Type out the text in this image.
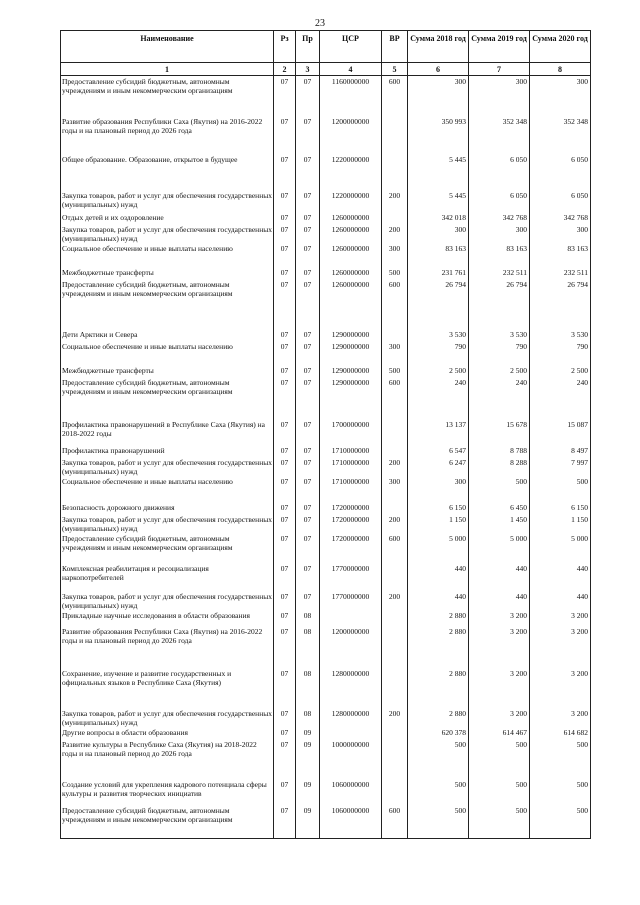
23
Наименование	Рз	Пр	ЦСР	ВР	Сумма 2018 год	Сумма 2019 год	Сумма 2020 год
1	2	3	4	5	6	7	8
Предоставление субсидий бюджетным, автономным учреждениям и иным некоммерческим организациям	07	07	1160000000	600	300	300	300
Развитие образования Республики Саха (Якутия) на 2016-2022 годы и на плановый период до 2026 года	07	07	1200000000		350 993	352 348	352 348
Общее образование. Образование, открытое в будущее	07	07	1220000000		5 445	6 050	6 050
Закупка товаров, работ и услуг для обеспечения государственных (муниципальных) нужд	07	07	1220000000	200	5 445	6 050	6 050
Отдых детей и их оздоровление	07	07	1260000000		342 018	342 768	342 768
Закупка товаров, работ и услуг для обеспечения государственных (муниципальных) нужд	07	07	1260000000	200	300	300	300
Социальное обеспечение и иные выплаты населению	07	07	1260000000	300	83 163	83 163	83 163
Межбюджетные трансферты	07	07	1260000000	500	231 761	232 511	232 511
Предоставление субсидий бюджетным, автономным учреждениям и иным некоммерческим организациям	07	07	1260000000	600	26 794	26 794	26 794
Дети Арктики и Севера	07	07	1290000000		3 530	3 530	3 530
Социальное обеспечение и иные выплаты населению	07	07	1290000000	300	790	790	790
Межбюджетные трансферты	07	07	1290000000	500	2 500	2 500	2 500
Предоставление субсидий бюджетным, автономным учреждениям и иным некоммерческим организациям	07	07	1290000000	600	240	240	240
Профилактика правонарушений в Республике Саха (Якутия) на 2018-2022 годы	07	07	1700000000		13 137	15 678	15 087
Профилактика правонарушений	07	07	1710000000		6 547	8 788	8 497
Закупка товаров, работ и услуг для обеспечения государственных (муниципальных) нужд	07	07	1710000000	200	6 247	8 288	7 997
Социальное обеспечение и иные выплаты населению	07	07	1710000000	300	300	500	500
Безопасность дорожного движения	07	07	1720000000		6 150	6 450	6 150
Закупка товаров, работ и услуг для обеспечения государственных (муниципальных) нужд	07	07	1720000000	200	1 150	1 450	1 150
Предоставление субсидий бюджетным, автономным учреждениям и иным некоммерческим организациям	07	07	1720000000	600	5 000	5 000	5 000
Комплексная реабилитация и ресоциализация наркопотребителей	07	07	1770000000		440	440	440
Закупка товаров, работ и услуг для обеспечения государственных (муниципальных) нужд	07	07	1770000000	200	440	440	440
Прикладные научные исследования в области образования	07	08			2 880	3 200	3 200
Развитие образования Республики Саха (Якутия) на 2016-2022 годы и на плановый период до 2026 года	07	08	1200000000		2 880	3 200	3 200
Сохранение, изучение и развитие государственных и официальных языков в Республике Саха (Якутия)	07	08	1280000000		2 880	3 200	3 200
Закупка товаров, работ и услуг для обеспечения государственных (муниципальных) нужд	07	08	1280000000	200	2 880	3 200	3 200
Другие вопросы в области образования	07	09			620 378	614 467	614 682
Развитие культуры в Республике Саха (Якутия) на 2018-2022 годы и на плановый период до 2026 года	07	09	1000000000		500	500	500
Создание условий для укрепления кадрового потенциала сферы культуры и развития творческих инициатив	07	09	1060000000		500	500	500
Предоставление субсидий бюджетным, автономным учреждениям и иным некоммерческим организациям	07	09	1060000000	600	500	500	500
